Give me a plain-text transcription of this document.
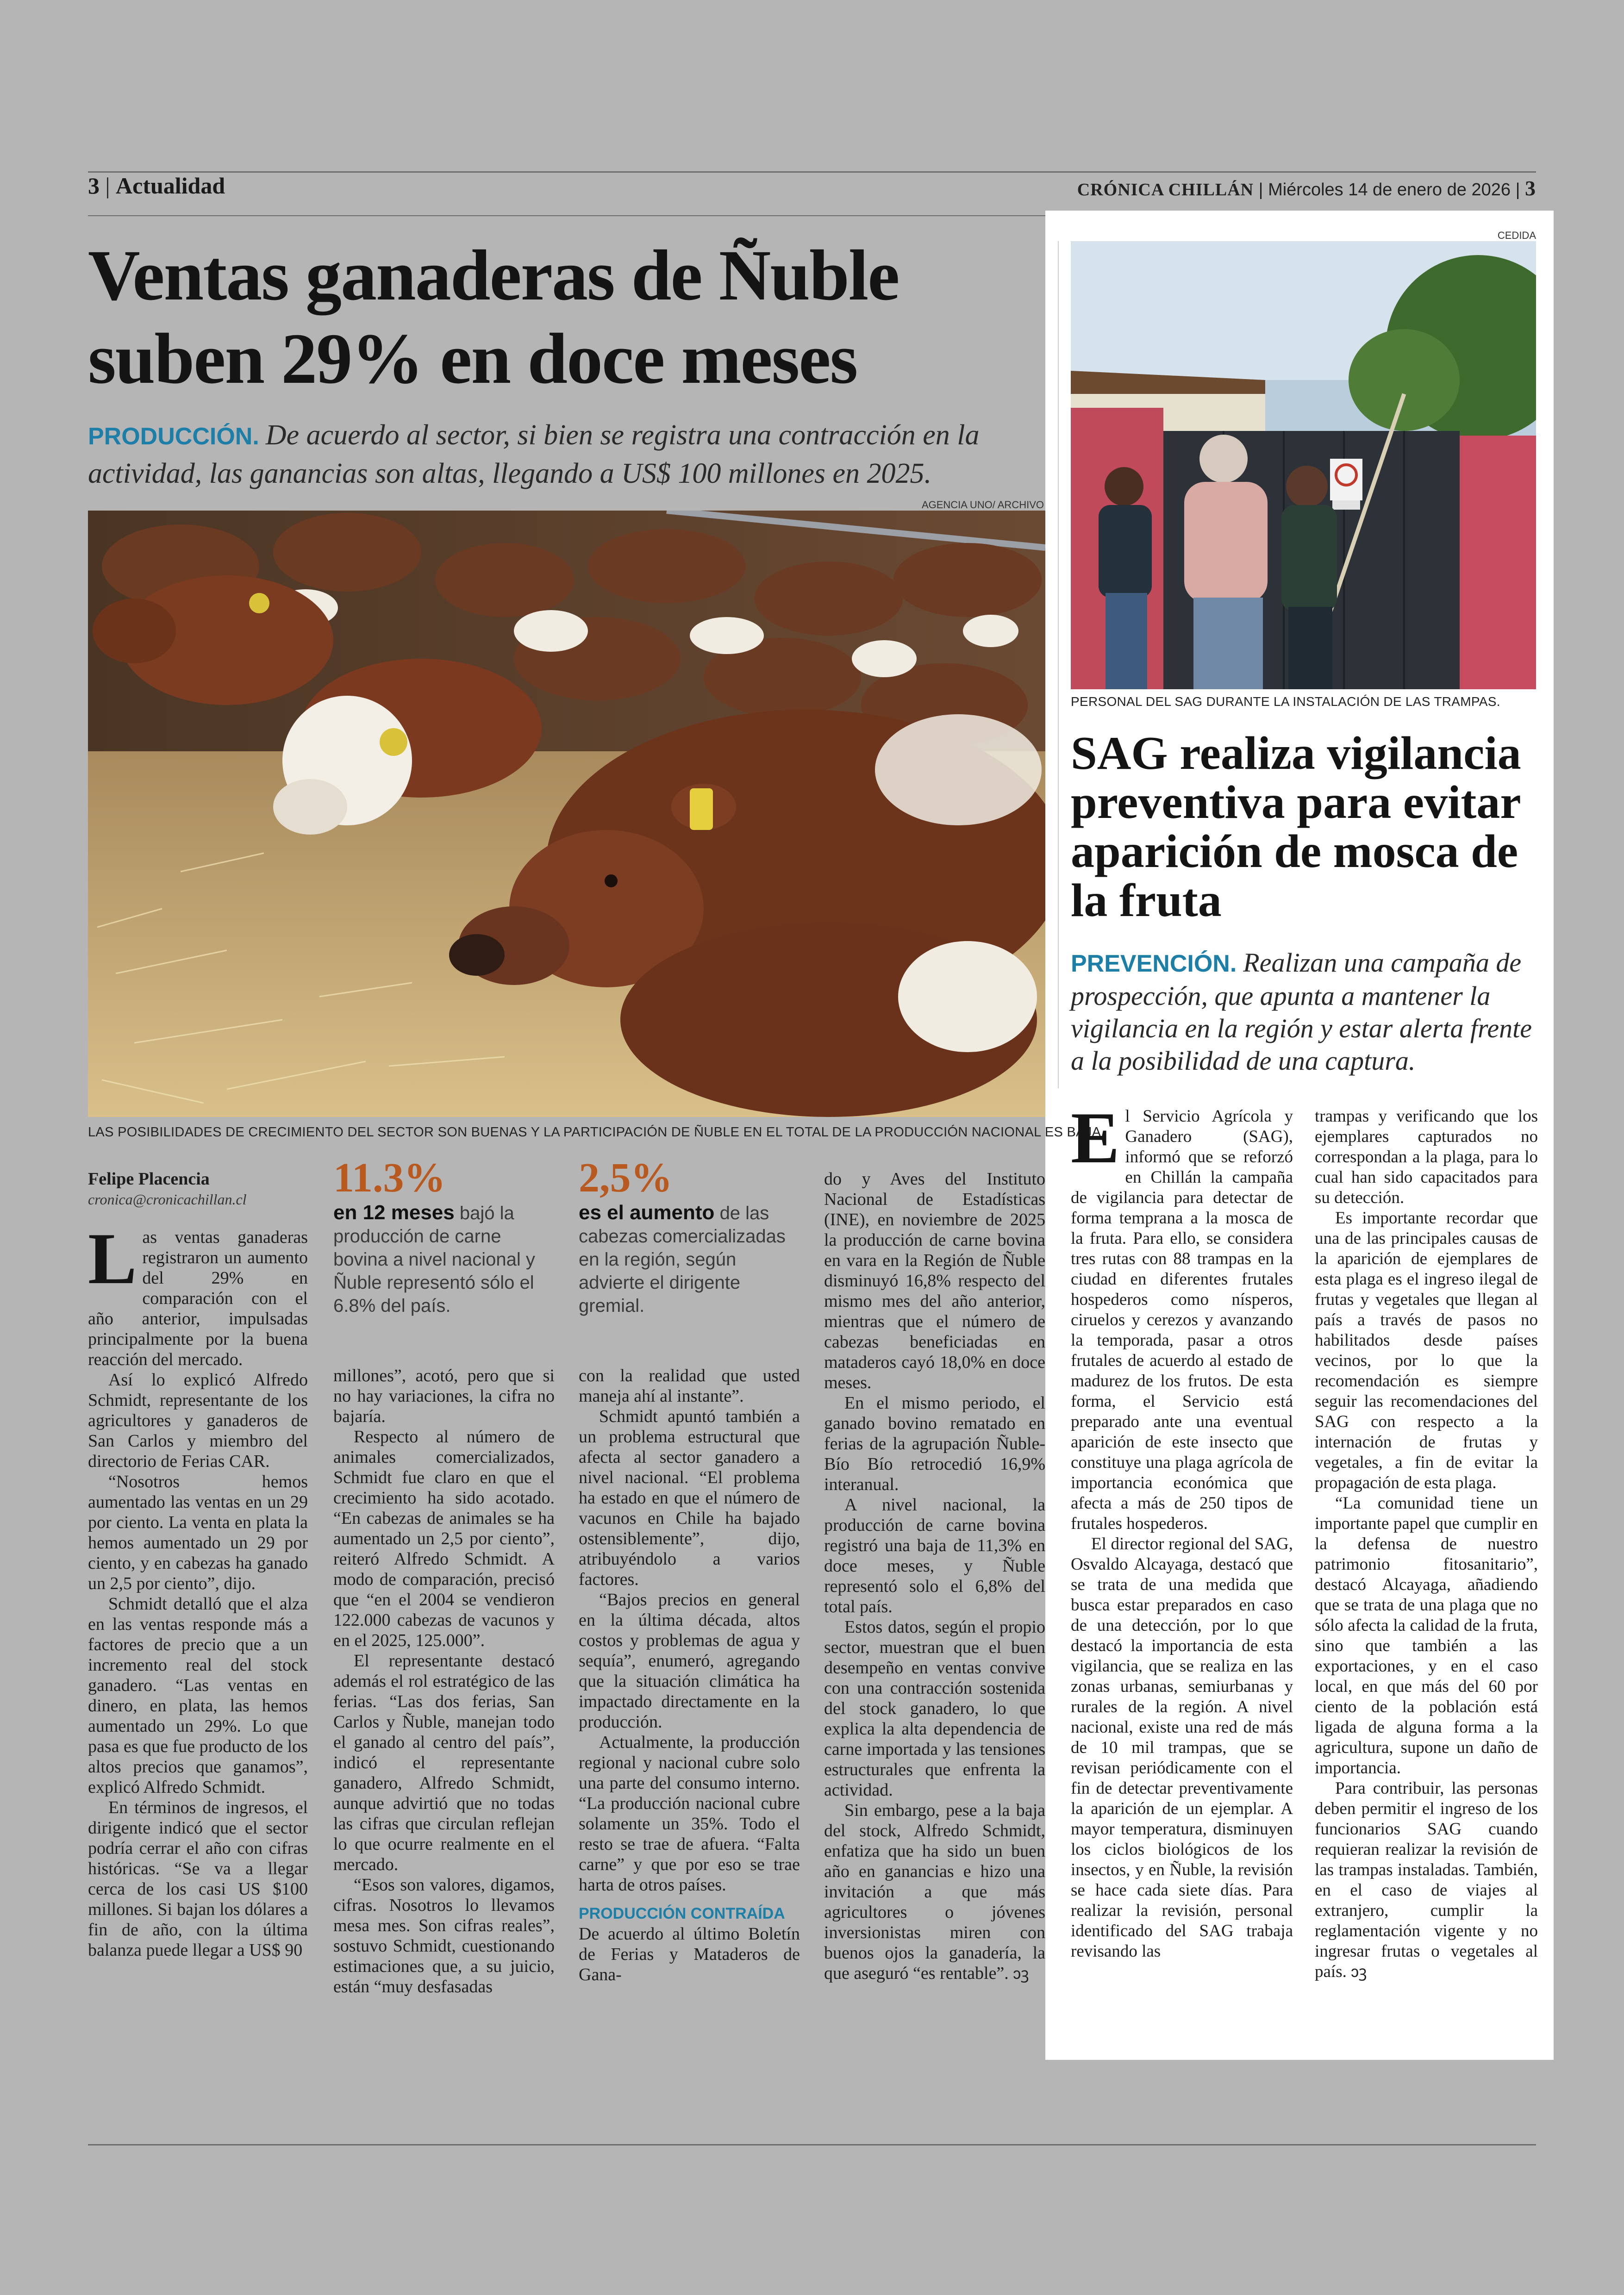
3 | Actualidad	CRÓNICA CHILLÁN | Miércoles 14 de enero de 2026 | 3
Ventas ganaderas de Ñuble suben 29% en doce meses
PRODUCCIÓN. De acuerdo al sector, si bien se registra una contracción en la actividad, las ganancias son altas, llegando a US$ 100 millones en 2025.
AGENCIA UNO/ ARCHIVO
LAS POSIBILIDADES DE CRECIMIENTO DEL SECTOR SON BUENAS Y LA PARTICIPACIÓN DE ÑUBLE EN EL TOTAL DE LA PRODUCCIÓN NACIONAL ES BAJA.
Felipe Placencia
cronica@cronicachillan.cl

Las ventas ganaderas registraron un aumento del 29% en comparación con el año anterior, impulsadas principalmente por la buena reacción del mercado.

Así lo explicó Alfredo Schmidt, representante de los agricultores y ganaderos de San Carlos y miembro del directorio de Ferias CAR.

“Nosotros hemos aumentado las ventas en un 29 por ciento. La venta en plata la hemos aumentado un 29 por ciento, y en cabezas ha ganado un 2,5 por ciento”, dijo.

Schmidt detalló que el alza en las ventas responde más a factores de precio que a un incremento real del stock ganadero. “Las ventas en dinero, en plata, las hemos aumentado un 29%. Lo que pasa es que fue producto de los altos precios que ganamos”, explicó Alfredo Schmidt.

En términos de ingresos, el dirigente indicó que el sector podría cerrar el año con cifras históricas. “Se va a llegar cerca de los casi US $100 millones. Si bajan los dólares a fin de año, con la última balanza puede llegar a US$ 90

11.3%
en 12 meses bajó la producción de carne bovina a nivel nacional y Ñuble representó sólo el 6.8% del país.

millones”, acotó, pero que si no hay variaciones, la cifra no bajaría.

Respecto al número de animales comercializados, Schmidt fue claro en que el crecimiento ha sido acotado. “En cabezas de animales se ha aumentado un 2,5 por ciento”, reiteró Alfredo Schmidt. A modo de comparación, precisó que “en el 2004 se vendieron 122.000 cabezas de vacunos y en el 2025, 125.000”.

El representante destacó además el rol estratégico de las ferias. “Las dos ferias, San Carlos y Ñuble, manejan todo el ganado al centro del país”, indicó el representante ganadero, Alfredo Schmidt, aunque advirtió que no todas las cifras que circulan reflejan lo que ocurre realmente en el mercado.

“Esos son valores, digamos, cifras. Nosotros lo llevamos mesa mes. Son cifras reales”, sostuvo Schmidt, cuestionando estimaciones que, a su juicio, están “muy desfasadas

2,5%
es el aumento de las cabezas comercializadas en la región, según advierte el dirigente gremial.

con la realidad que usted maneja ahí al instante”.

Schmidt apuntó también a un problema estructural que afecta al sector ganadero a nivel nacional. “El problema ha estado en que el número de vacunos en Chile ha bajado ostensiblemente”, dijo, atribuyéndolo a varios factores.

“Bajos precios en general en la última década, altos costos y problemas de agua y sequía”, enumeró, agregando que la situación climática ha impactado directamente en la producción.

Actualmente, la producción regional y nacional cubre solo una parte del consumo interno. “La producción nacional cubre solamente un 35%. Todo el resto se trae de afuera. “Falta carne” y que por eso se trae harta de otros países.

PRODUCCIÓN CONTRAÍDA

De acuerdo al último Boletín de Ferias y Mataderos de Gana-

do y Aves del Instituto Nacional de Estadísticas (INE), en noviembre de 2025 la producción de carne bovina en vara en la Región de Ñuble disminuyó 16,8% respecto del mismo mes del año anterior, mientras que el número de cabezas beneficiadas en mataderos cayó 18,0% en doce meses.

En el mismo periodo, el ganado bovino rematado en ferias de la agrupación Ñuble-Bío Bío retrocedió 16,9% interanual.

A nivel nacional, la producción de carne bovina registró una baja de 11,3% en doce meses, y Ñuble representó solo el 6,8% del total país.

Estos datos, según el propio sector, muestran que el buen desempeño en ventas convive con una contracción sostenida del stock ganadero, lo que explica la alta dependencia de carne importada y las tensiones estructurales que enfrenta la actividad.

Sin embargo, pese a la baja del stock, Alfredo Schmidt, enfatiza que ha sido un buen año en ganancias e hizo una invitación a que más agricultores o jóvenes inversionistas miren con buenos ojos la ganadería, la que aseguró “es rentable”. ↄꝫ

CEDIDA
PERSONAL DEL SAG DURANTE LA INSTALACIÓN DE LAS TRAMPAS.
SAG realiza vigilancia preventiva para evitar aparición de mosca de la fruta
PREVENCIÓN. Realizan una campaña de prospección, que apunta a mantener la vigilancia en la región y estar alerta frente a la posibilidad de una captura.

El Servicio Agrícola y Ganadero (SAG), informó que se reforzó en Chillán la campaña de vigilancia para detectar de forma temprana a la mosca de la fruta. Para ello, se considera tres rutas con 88 trampas en la ciudad en diferentes frutales hospederos como nísperos, ciruelos y cerezos y avanzando la temporada, pasar a otros frutales de acuerdo al estado de madurez de los frutos. De esta forma, el Servicio está preparado ante una eventual aparición de este insecto que constituye una plaga agrícola de importancia económica que afecta a más de 250 tipos de frutales hospederos.

El director regional del SAG, Osvaldo Alcayaga, destacó que se trata de una medida que busca estar preparados en caso de una detección, por lo que destacó la importancia de esta vigilancia, que se realiza en las zonas urbanas, semiurbanas y rurales de la región. A nivel nacional, existe una red de más de 10 mil trampas, que se revisan periódicamente con el fin de detectar preventivamente la aparición de un ejemplar. A mayor temperatura, disminuyen los ciclos biológicos de los insectos, y en Ñuble, la revisión se hace cada siete días. Para realizar la revisión, personal identificado del SAG trabaja revisando las

trampas y verificando que los ejemplares capturados no correspondan a la plaga, para lo cual han sido capacitados para su detección.

Es importante recordar que una de las principales causas de la aparición de ejemplares de esta plaga es el ingreso ilegal de frutas y vegetales que llegan al país a través de pasos no habilitados desde países vecinos, por lo que la recomendación es siempre seguir las recomendaciones del SAG con respecto a la internación de frutas y vegetales, a fin de evitar la propagación de esta plaga.

“La comunidad tiene un importante papel que cumplir en la defensa de nuestro patrimonio fitosanitario”, destacó Alcayaga, añadiendo que se trata de una plaga que no sólo afecta la calidad de la fruta, sino que también a las exportaciones, y en el caso local, en que más del 60 por ciento de la población está ligada de alguna forma a la agricultura, supone un daño de importancia.

Para contribuir, las personas deben permitir el ingreso de los funcionarios SAG cuando requieran realizar la revisión de las trampas instaladas. También, en el caso de viajes al extranjero, cumplir la reglamentación vigente y no ingresar frutas o vegetales al país. ↄꝫ
